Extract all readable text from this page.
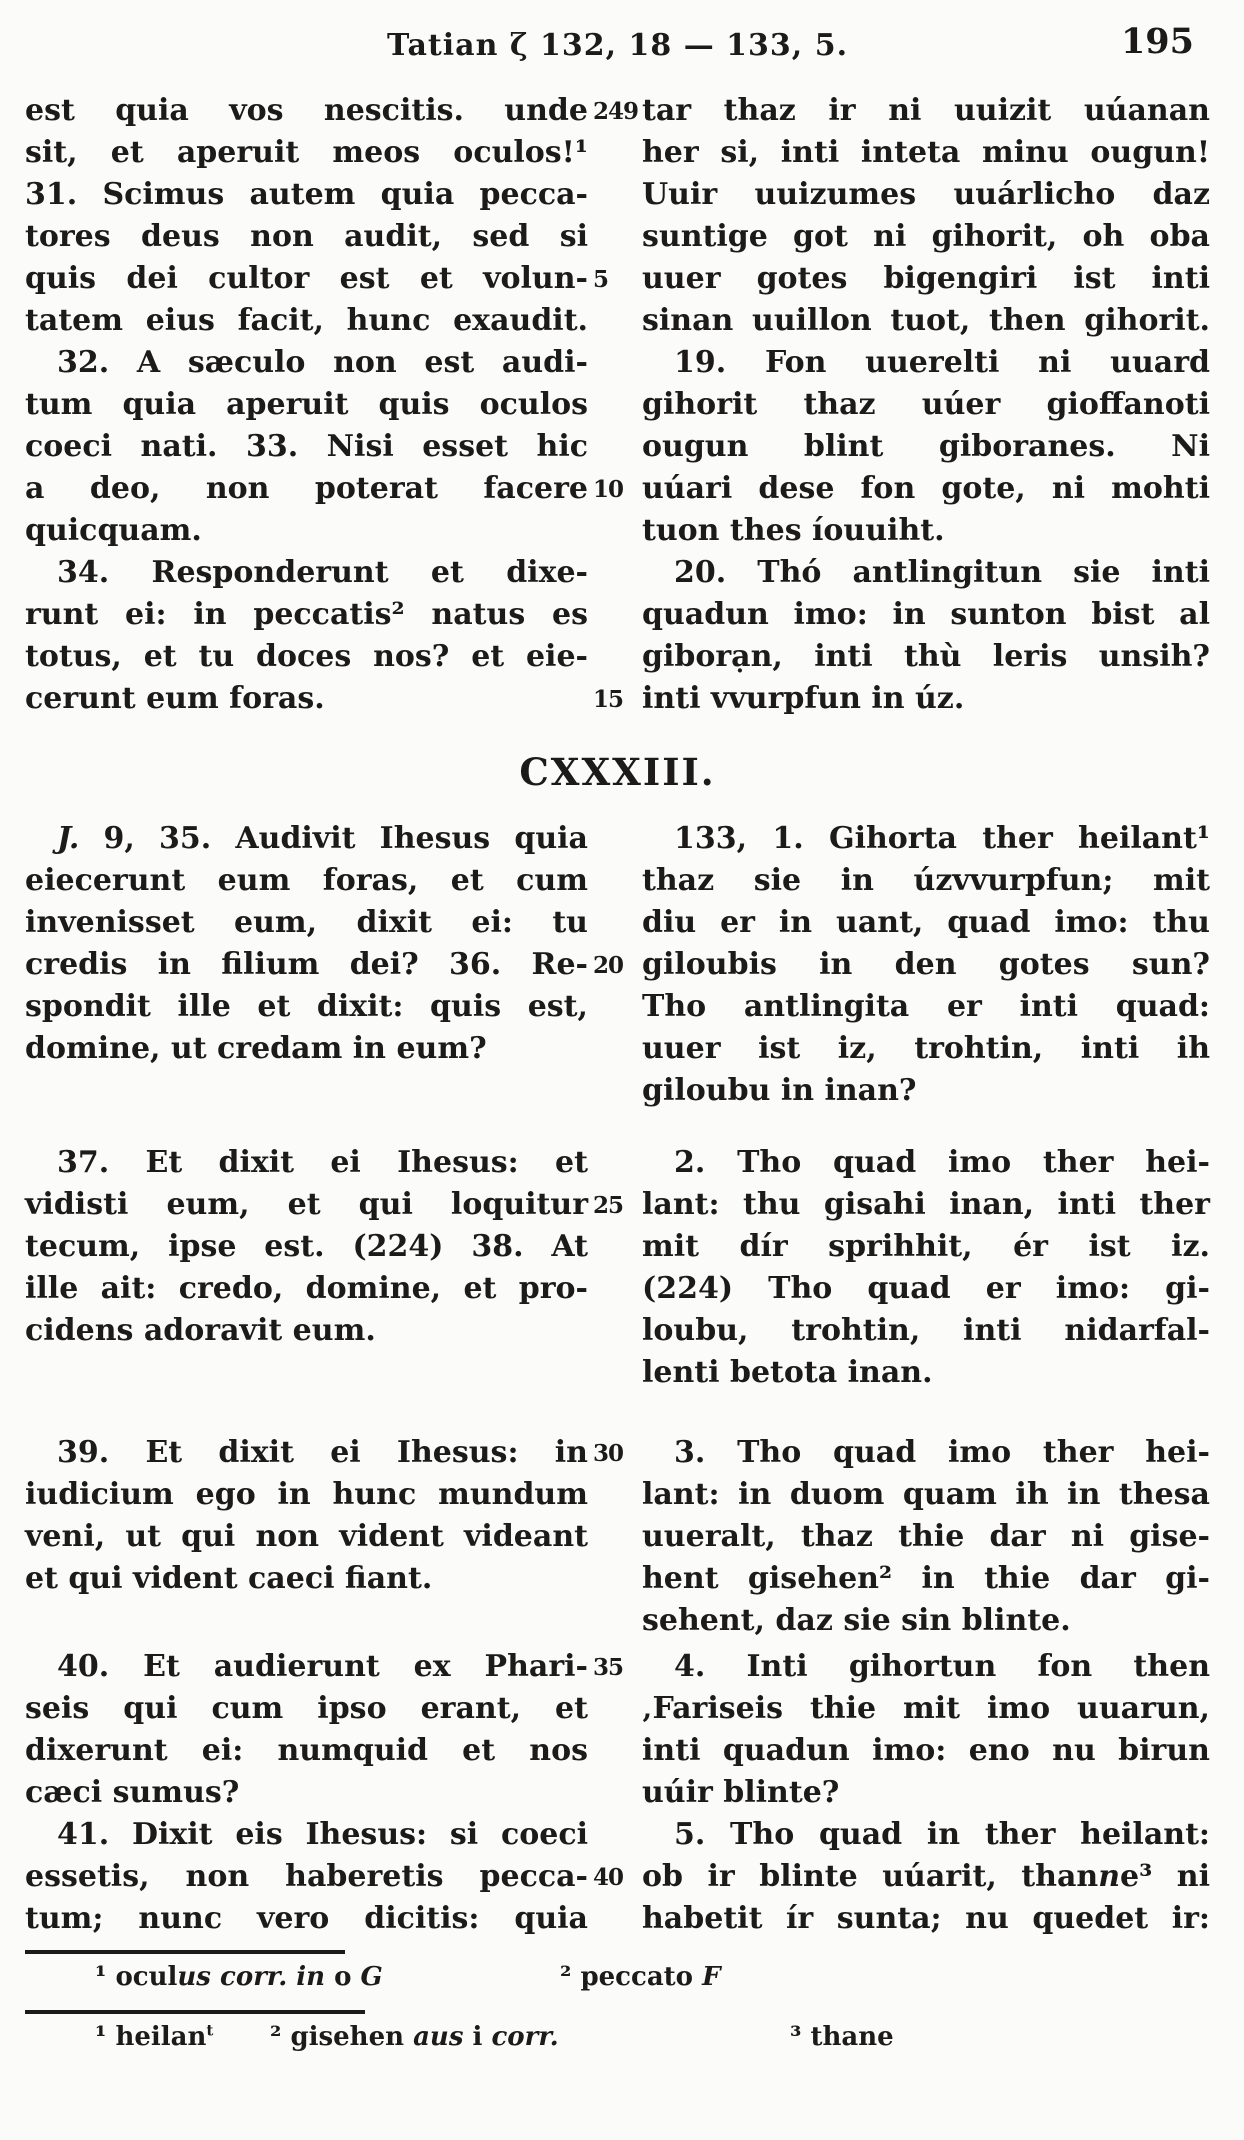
Tatian ζ 132, 18 — 133, 5.	195
est quia vos nescitis. unde 249 tar thaz ir ni uuizit uúanan
sit, et aperuit meos oculos!¹ her si, inti inteta minu ougun!
31. Scimus autem quia pecca- Uuir uuizumes uuárlicho daz
tores deus non audit, sed si suntige got ni gihorit, oh oba
quis dei cultor est et volun- 5	uuer gotes bigengiri ist inti
tatem eius facit, hunc exaudit. sinan uuillon tuot, then gihorit.
32. A sæculo non est audi-	19. Fon uuerelti ni uuard
tum quia aperuit quis oculos gihorit thaz uúer gioffanoti
coeci nati. 33. Nisi esset hic ougun blint giboranes. Ni
a deo, non poterat facere 10 uúari dese fon gote, ni mohti
quicquam.	tuon thes íouuiht.
34. Responderunt et dixe-	20. Thó antlingitun sie inti
runt ei: in peccatis² natus es quadun imo: in sunton bist al
totus, et tu doces nos? et eie- giborạn, inti thù leris unsih?
cerunt eum foras.	15 inti vvurpfun in úz.
CXXXIII.
J. 9, 35. Audivit Ihesus quia	133, 1. Gihorta ther heilant¹
eiecerunt eum foras, et cum thaz sie in úzvvurpfun; mit
invenisset eum, dixit ei: tu diu er in uant, quad imo: thu
credis in filium dei? 36. Re- 20 giloubis in den gotes sun?
spondit ille et dixit: quis est, Tho antlingita er inti quad:
domine, ut credam in eum?	uuer ist iz, trohtin, inti ih
giloubu in inan?
37. Et dixit ei Ihesus: et	2. Tho quad imo ther hei-
vidisti eum, et qui loquitur 25 lant: thu gisahi inan, inti ther
tecum, ipse est. (224) 38. At mit dír sprihhit, ér ist iz.
ille ait: credo, domine, et pro- (224) Tho quad er imo: gi-
cidens adoravit eum.	loubu, trohtin, inti nidarfal-
lenti betota inan.
39. Et dixit ei Ihesus: in 30	3. Tho quad imo ther hei-
iudicium ego in hunc mundum lant: in duom quam ih in thesa
veni, ut qui non vident videant uueralt, thaz thie dar ni gise-
et qui vident caeci fiant.	hent gisehen² in thie dar gi-
sehent, daz sie sin blinte.
40. Et audierunt ex Phari- 35	4. Inti gihortun fon then
seis qui cum ipso erant, et ‚Fariseis thie mit imo uuarun,
dixerunt ei: numquid et nos inti quadun imo: eno nu birun
cæci sumus?	uúir blinte?
41. Dixit eis Ihesus: si coeci	5. Tho quad in ther heilant:
essetis, non haberetis pecca- 40 ob ir blinte uúarit, thanne³ ni
tum; nunc vero dicitis: quia habetit ír sunta; nu quedet ir:
¹ oculus corr. in o G	² peccato F
¹ heilan$^t$ ² gisehen aus i corr.	³ thane
